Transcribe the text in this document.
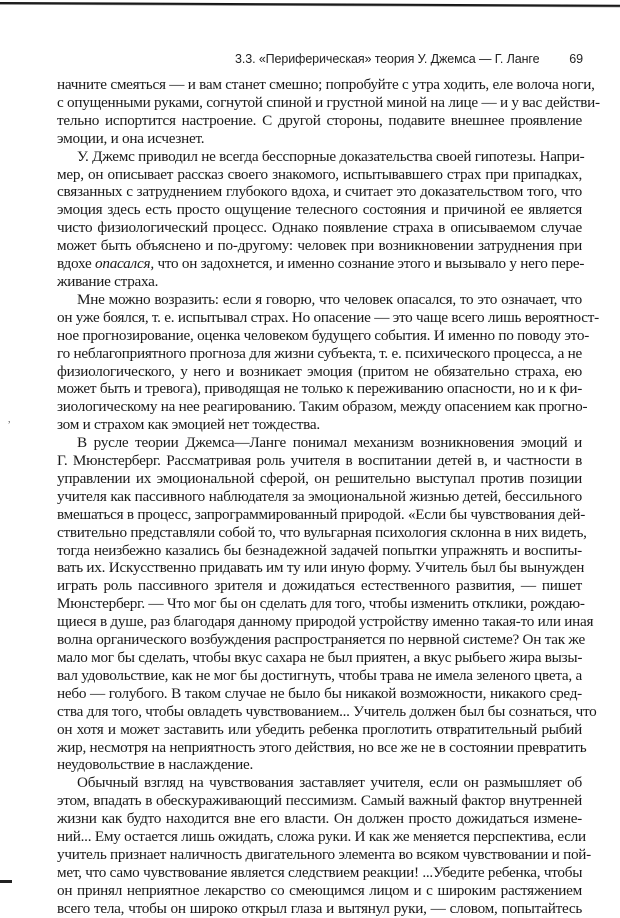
3.3. «Периферическая» теория У. Джемса — Г. Ланге 69
,
начните смеяться — и вам станет смешно; попробуйте с утра ходить, еле волоча ноги,
с опущенными руками, согнутой спиной и грустной миной на лице — и у вас действи-
тельно испортится настроение. С другой стороны, подавите внешнее проявление
эмоции, и она исчезнет.
У. Джемс приводил не всегда бесспорные доказательства своей гипотезы. Напри-
мер, он описывает рассказ своего знакомого, испытывавшего страх при припадках,
связанных с затруднением глубокого вдоха, и считает это доказательством того, что
эмоция здесь есть просто ощущение телесного состояния и причиной ее является
чисто физиологический процесс. Однако появление страха в описываемом случае
может быть объяснено и по-другому: человек при возникновении затруднения при
вдохе опасался, что он задохнется, и именно сознание этого и вызывало у него пере-
живание страха.
Мне можно возразить: если я говорю, что человек опасался, то это означает, что
он уже боялся, т. е. испытывал страх. Но опасение — это чаще всего лишь вероятност-
ное прогнозирование, оценка человеком будущего события. И именно по поводу это-
го неблагоприятного прогноза для жизни субъекта, т. е. психического процесса, а не
физиологического, у него и возникает эмоция (притом не обязательно страха, ею
может быть и тревога), приводящая не только к переживанию опасности, но и к фи-
зиологическому на нее реагированию. Таким образом, между опасением как прогно-
зом и страхом как эмоцией нет тождества.
В русле теории Джемса—Ланге понимал механизм возникновения эмоций и
Г. Мюнстерберг. Рассматривая роль учителя в воспитании детей в, и частности в
управлении их эмоциональной сферой, он решительно выступал против позиции
учителя как пассивного наблюдателя за эмоциональной жизнью детей, бессильного
вмешаться в процесс, запрограммированный природой. «Если бы чувствования дей-
ствительно представляли собой то, что вульгарная психология склонна в них видеть,
тогда неизбежно казались бы безнадежной задачей попытки упражнять и воспиты-
вать их. Искусственно придавать им ту или иную форму. Учитель был бы вынужден
играть роль пассивного зрителя и дожидаться естественного развития, — пишет
Мюнстерберг. — Что мог бы он сделать для того, чтобы изменить отклики, рождаю-
щиеся в душе, раз благодаря данному природой устройству именно такая-то или иная
волна органического возбуждения распространяется по нервной системе? Он так же
мало мог бы сделать, чтобы вкус сахара не был приятен, а вкус рыбьего жира вызы-
вал удовольствие, как не мог бы достигнуть, чтобы трава не имела зеленого цвета, а
небо — голубого. В таком случае не было бы никакой возможности, никакого сред-
ства для того, чтобы овладеть чувствованием... Учитель должен был бы сознаться, что
он хотя и может заставить или убедить ребенка проглотить отвратительный рыбий
жир, несмотря на неприятность этого действия, но все же не в состоянии превратить
неудовольствие в наслаждение.
Обычный взгляд на чувствования заставляет учителя, если он размышляет об
этом, впадать в обескураживающий пессимизм. Самый важный фактор внутренней
жизни как будто находится вне его власти. Он должен просто дожидаться измене-
ний... Ему остается лишь ожидать, сложа руки. И как же меняется перспектива, если
учитель признает наличность двигательного элемента во всяком чувствовании и пой-
мет, что само чувствование является следствием реакции! ...Убедите ребенка, чтобы
он принял неприятное лекарство со смеющимся лицом и с широким растяжением
всего тела, чтобы он широко открыл глаза и вытянул руки, — словом, попытайтесь
